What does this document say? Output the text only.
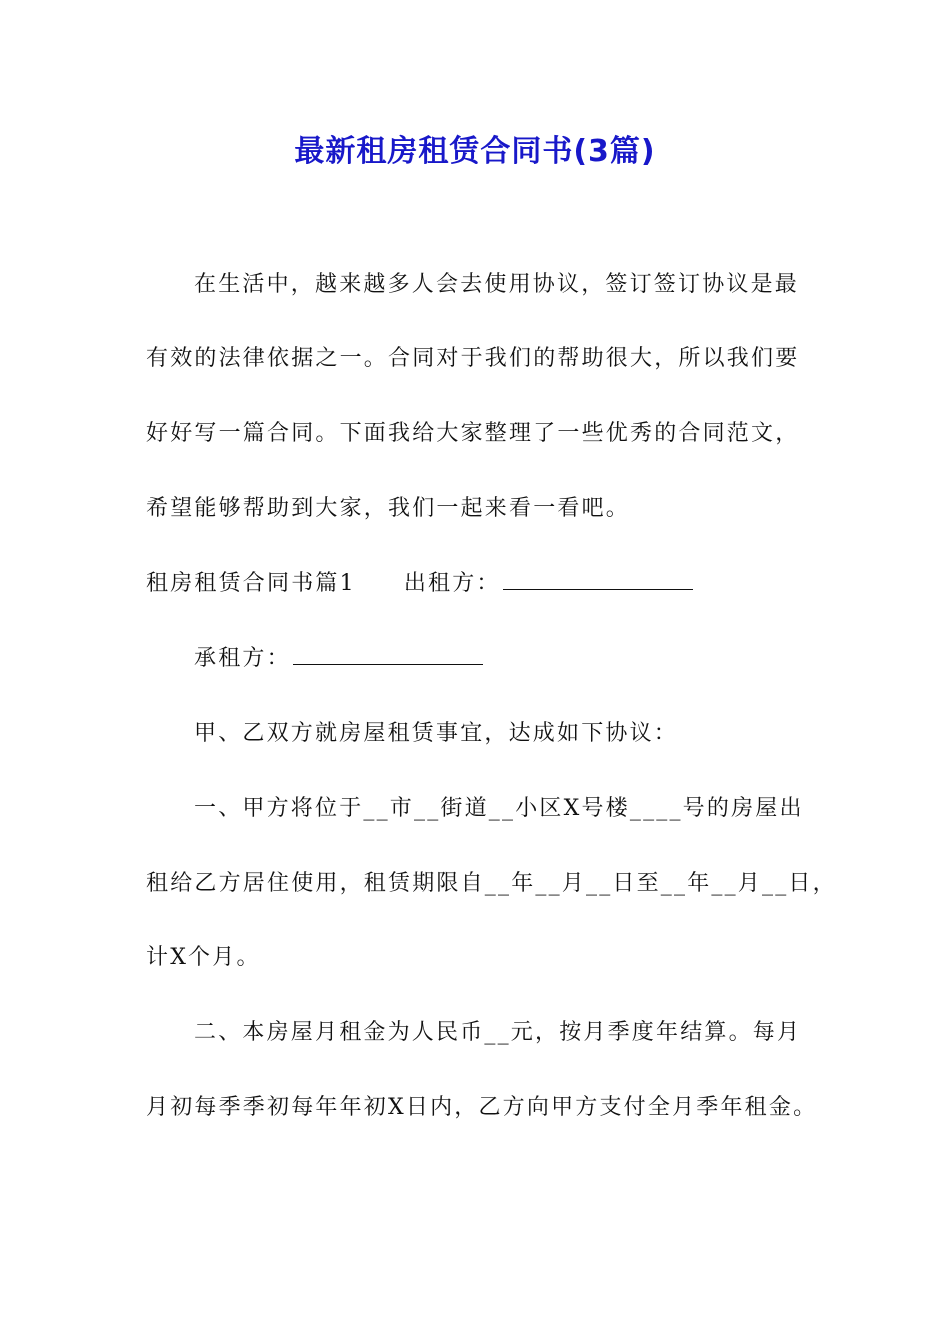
最新租房租赁合同书(3篇)
在生活中，越来越多人会去使用协议，签订签订协议是最
有效的法律依据之一。合同对于我们的帮助很大，所以我们要
好好写一篇合同。下面我给大家整理了一些优秀的合同范文，
希望能够帮助到大家，我们一起来看一看吧。
租房租赁合同书篇1 出租方：
承租方：
甲、乙双方就房屋租赁事宜，达成如下协议：
一、甲方将位于__市__街道__小区X号楼____号的房屋出
租给乙方居住使用，租赁期限自__年__月__日至__年__月__日，
计X个月。
二、本房屋月租金为人民币__元，按月季度年结算。每月
月初每季季初每年年初X日内，乙方向甲方支付全月季年租金。
